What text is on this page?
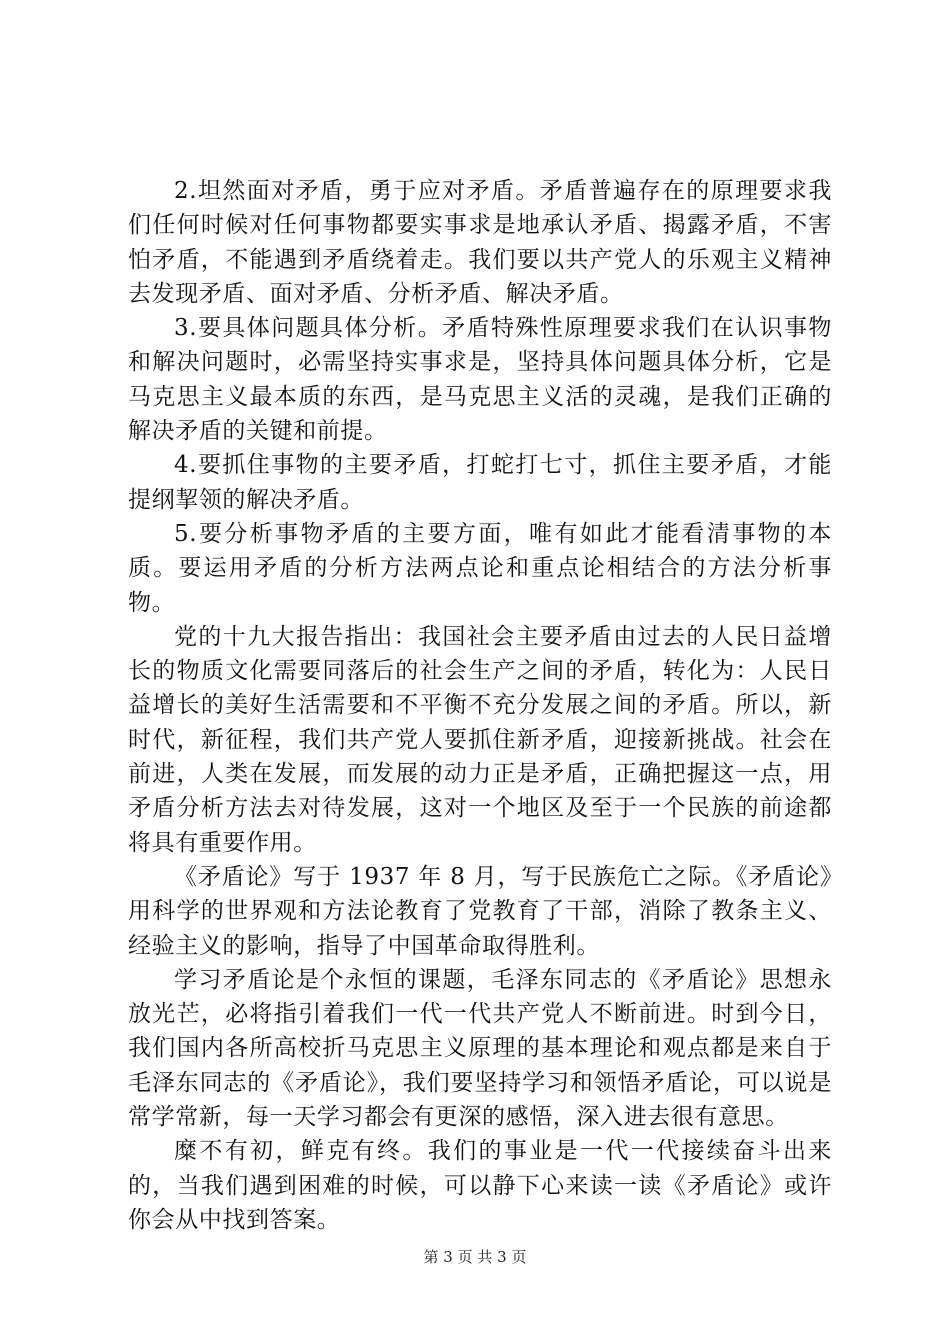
2.坦然面对矛盾，勇于应对矛盾。矛盾普遍存在的原理要求我们任何时候对任何事物都要实事求是地承认矛盾、揭露矛盾，不害怕矛盾，不能遇到矛盾绕着走。我们要以共产党人的乐观主义精神去发现矛盾、面对矛盾、分析矛盾、解决矛盾。

3.要具体问题具体分析。矛盾特殊性原理要求我们在认识事物和解决问题时，必需坚持实事求是，坚持具体问题具体分析，它是马克思主义最本质的东西，是马克思主义活的灵魂，是我们正确的解决矛盾的关键和前提。

4.要抓住事物的主要矛盾，打蛇打七寸，抓住主要矛盾，才能提纲挈领的解决矛盾。

5.要分析事物矛盾的主要方面，唯有如此才能看清事物的本质。要运用矛盾的分析方法两点论和重点论相结合的方法分析事物。

党的十九大报告指出：我国社会主要矛盾由过去的人民日益增长的物质文化需要同落后的社会生产之间的矛盾，转化为：人民日益增长的美好生活需要和不平衡不充分发展之间的矛盾。所以，新时代，新征程，我们共产党人要抓住新矛盾，迎接新挑战。社会在前进，人类在发展，而发展的动力正是矛盾，正确把握这一点，用矛盾分析方法去对待发展，这对一个地区及至于一个民族的前途都将具有重要作用。

《矛盾论》写于 1937 年 8 月，写于民族危亡之际。《矛盾论》用科学的世界观和方法论教育了党教育了干部，消除了教条主义、经验主义的影响，指导了中国革命取得胜利。

学习矛盾论是个永恒的课题，毛泽东同志的《矛盾论》思想永放光芒，必将指引着我们一代一代共产党人不断前进。时到今日，我们国内各所高校折马克思主义原理的基本理论和观点都是来自于毛泽东同志的《矛盾论》，我们要坚持学习和领悟矛盾论，可以说是常学常新，每一天学习都会有更深的感悟，深入进去很有意思。

糜不有初，鲜克有终。我们的事业是一代一代接续奋斗出来的，当我们遇到困难的时候，可以静下心来读一读《矛盾论》或许你会从中找到答案。

第 3 页 共 3 页
